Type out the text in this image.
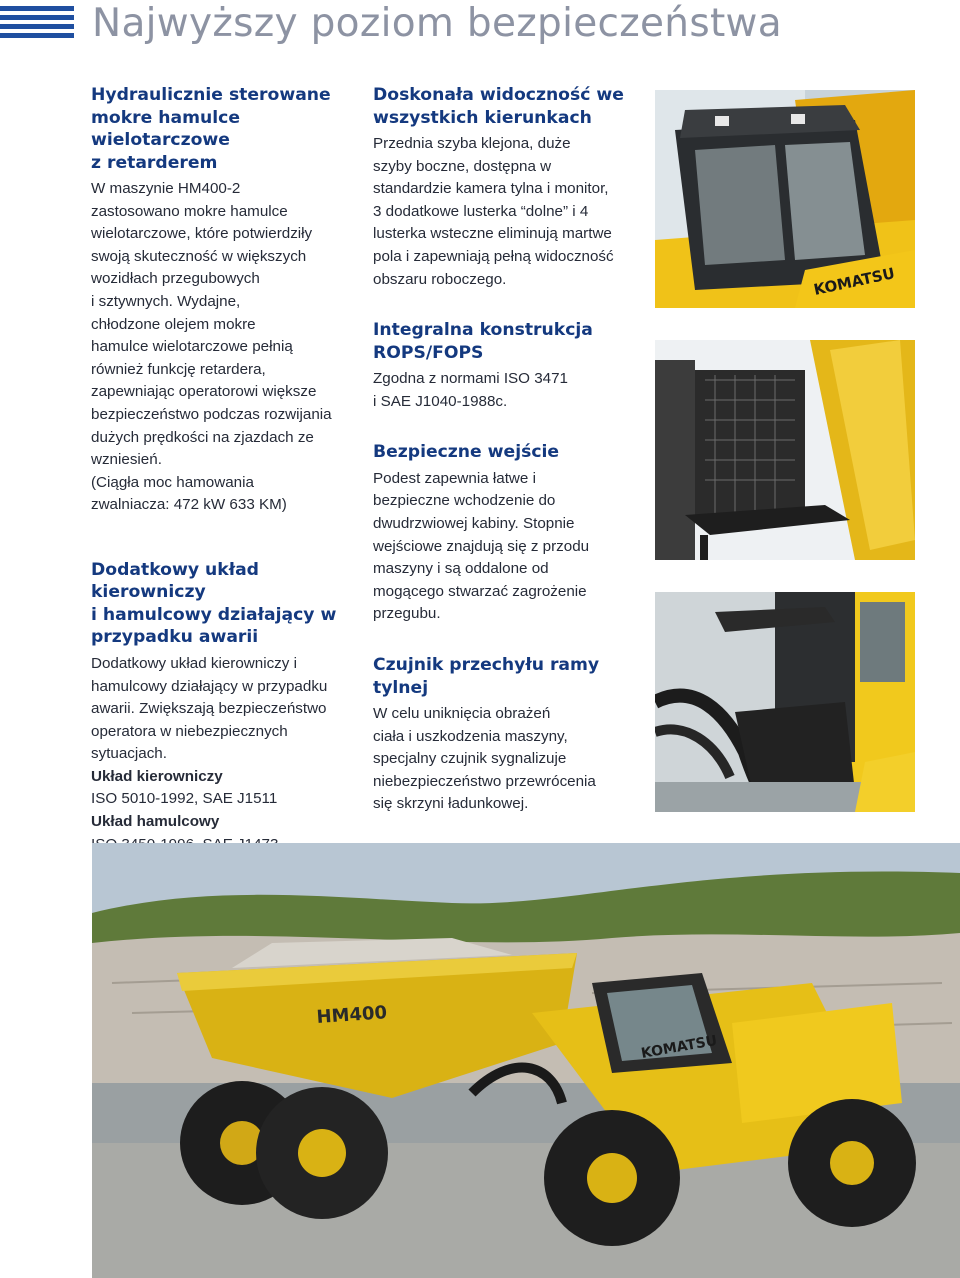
Najwyższy poziom bezpieczeństwa
Hydraulicznie sterowane
mokre hamulce wielotarczowe
z retarderem

W maszynie HM400-2
zastosowano mokre hamulce
wielotarczowe, które potwierdziły
swoją skuteczność w większych
wozidłach przegubowych
i sztywnych. Wydajne,
chłodzone olejem mokre
hamulce wielotarczowe pełnią
również funkcję retardera,
zapewniając operatorowi większe
bezpieczeństwo podczas rozwijania
dużych prędkości na zjazdach ze
wzniesień.
(Ciągła moc hamowania
zwalniacza: 472 kW 633 KM)

Dodatkowy układ kierowniczy
i hamulcowy działający w
przypadku awarii

Dodatkowy układ kierowniczy i
hamulcowy działający w przypadku
awarii. Zwiększają bezpieczeństwo
operatora w niebezpiecznych
sytuacjach.
Układ kierowniczy
ISO 5010-1992, SAE J1511
Układ hamulcowy

Doskonała widoczność we
wszystkich kierunkach

Przednia szyba klejona, duże
szyby boczne, dostępna w
standardzie kamera tylna i monitor,
3 dodatkowe lusterka “dolne” i 4
lusterka wsteczne eliminują martwe
pola i zapewniają pełną widoczność
obszaru roboczego.

Integralna konstrukcja
ROPS/FOPS

Zgodna z normami ISO 3471
i SAE J1040-1988c.

Bezpieczne wejście

Podest zapewnia łatwe i
bezpieczne wchodzenie do
dwudrzwiowej kabiny. Stopnie
wejściowe znajdują się z przodu
maszyny i są oddalone od
mogącego stwarzać zagrożenie
przegubu.

Czujnik przechyłu ramy tylnej

W celu uniknięcia obrażeń
ciała i uszkodzenia maszyny,
specjalny czujnik sygnalizuje
niebezpieczeństwo przewrócenia
się skrzyni ładunkowej.

KOMATSU
HM400
KOMATSU
